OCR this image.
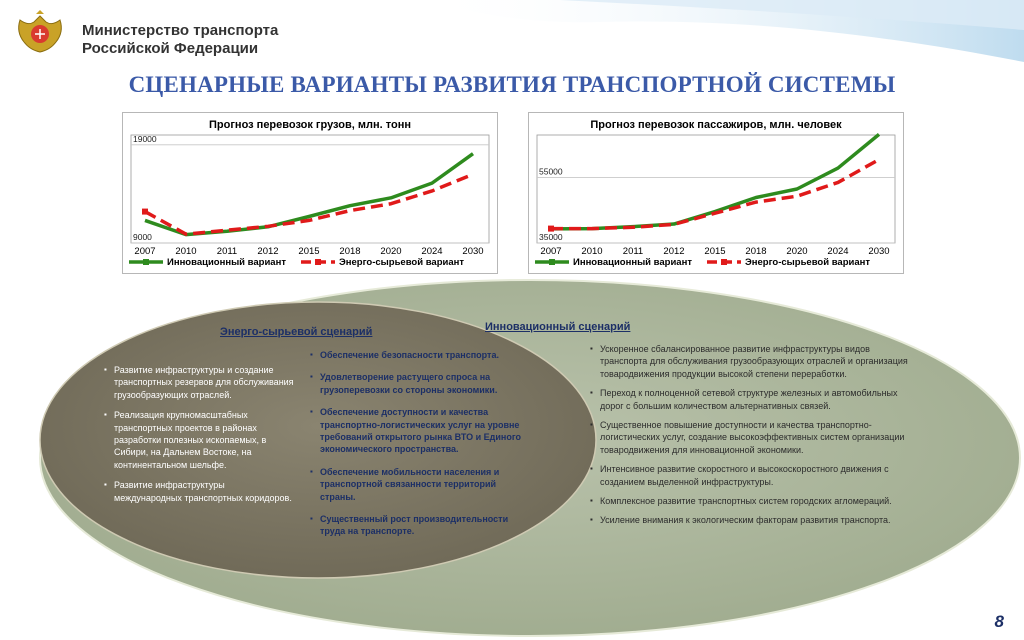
Министерство транспорта
Российской Федерации
СЦЕНАРНЫЕ ВАРИАНТЫ РАЗВИТИЯ ТРАНСПОРТНОЙ СИСТЕМЫ
Прогноз перевозок грузов, млн. тонн
9000
19000
2007 2010 2011 2012 2015 2018 2020 2024 2030
Инновационный вариант	Энерго-сырьевой вариант
Прогноз перевозок пассажиров, млн. человек
35000
55000
2007 2010 2011 2012 2015 2018 2020 2024 2030
Инновационный вариант	Энерго-сырьевой вариант
Энерго-сырьевой сценарий	Инновационный сценарий
▪ Развитие инфраструктуры и создание транспортных резервов для обслуживания грузообразующих отраслей.
▪ Реализация крупномасштабных транспортных проектов в районах разработки полезных ископаемых, в Сибири, на Дальнем Востоке, на континентальном шельфе.
▪ Развитие инфраструктуры международных транспортных коридоров.
▪ Обеспечение безопасности транспорта.
▪ Удовлетворение растущего спроса на грузоперевозки со стороны экономики.
▪ Обеспечение доступности и качества транспортно-логистических услуг на уровне требований открытого рынка ВТО и Единого экономического пространства.
▪ Обеспечение мобильности населения и транспортной связанности территорий страны.
▪ Существенный рост производительности труда на транспорте.
▪ Ускоренное сбалансированное развитие инфраструктуры видов транспорта для обслуживания грузообразующих отраслей и организация товародвижения продукции высокой степени переработки.
▪ Переход к полноценной сетевой структуре железных и автомобильных дорог с большим количеством альтернативных связей.
▪ Существенное повышение доступности и качества транспортно-логистических услуг, создание высокоэффективных систем организации товародвижения для инновационной экономики.
▪ Интенсивное развитие скоростного и высокоскоростного движения с созданием выделенной инфраструктуры.
▪ Комплексное развитие транспортных систем городских агломераций.
▪ Усиление внимания к экологическим факторам развития транспорта.
8
